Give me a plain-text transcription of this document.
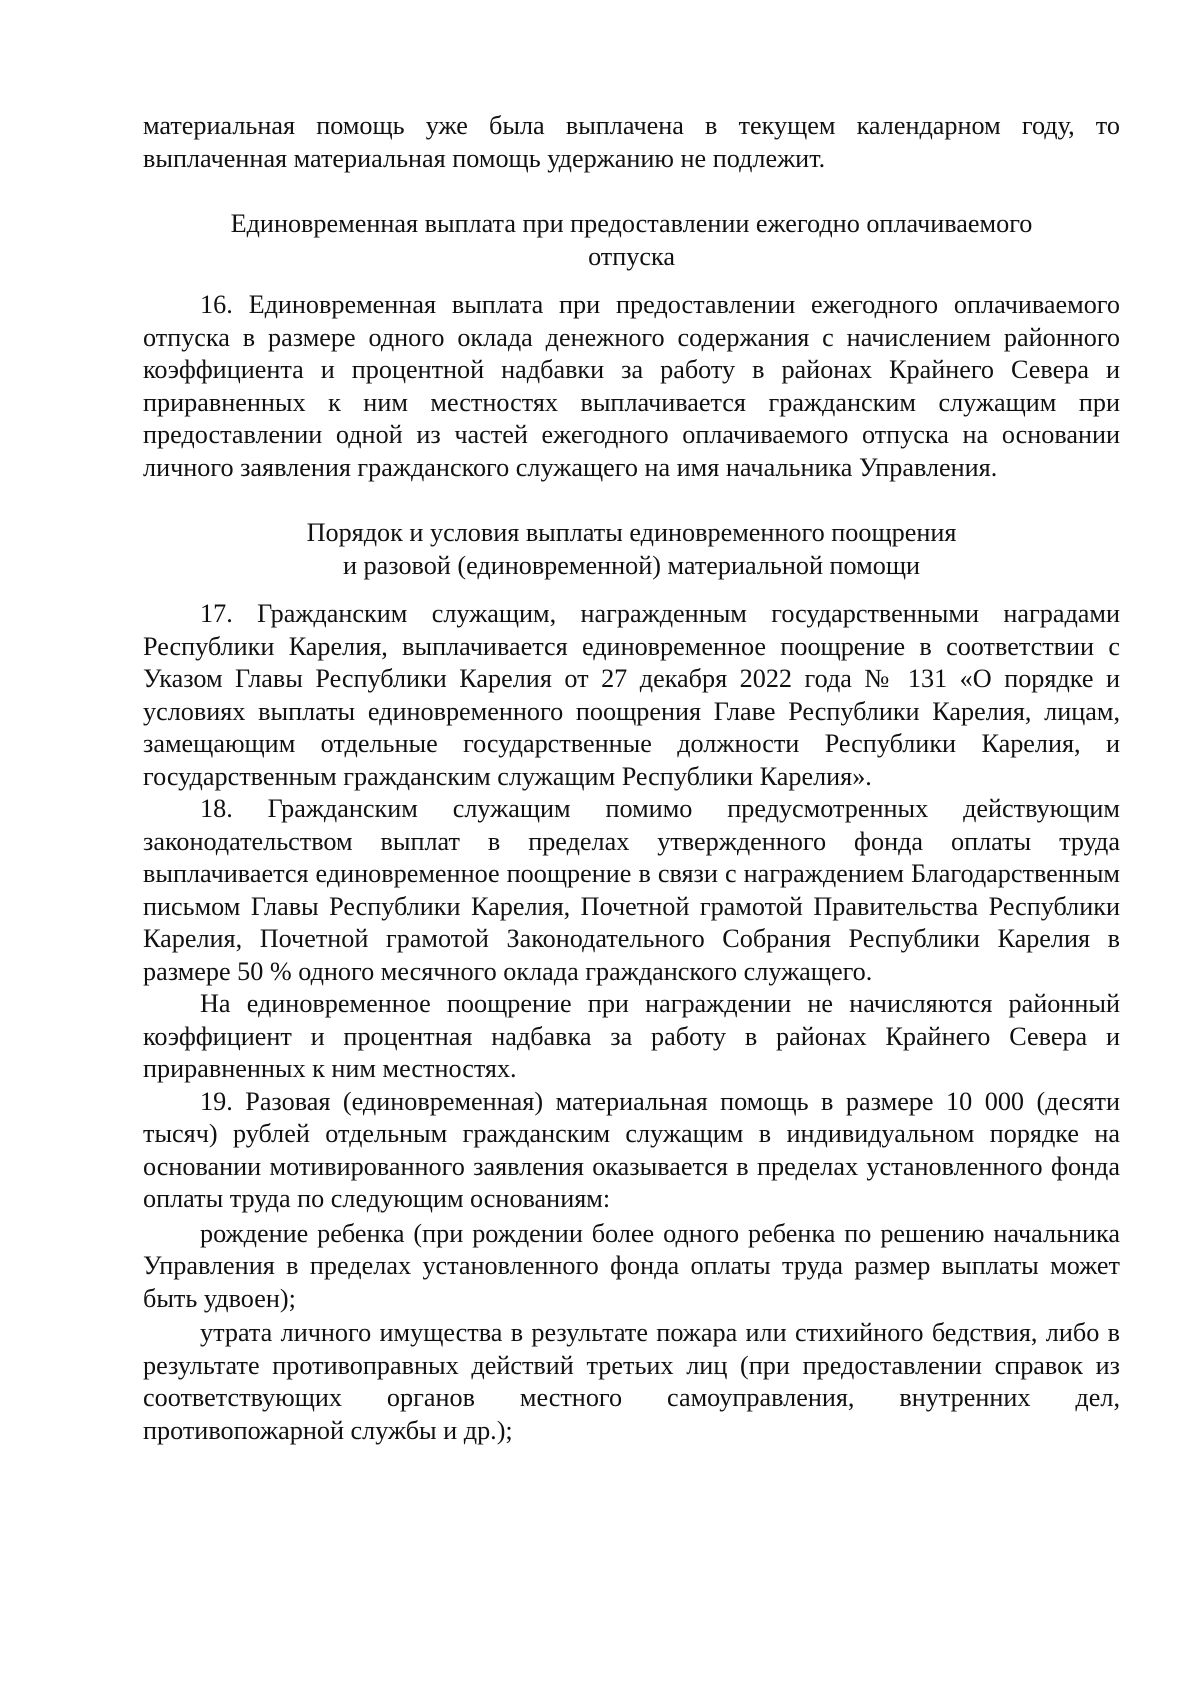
материальная помощь уже была выплачена в текущем календарном году, то выплаченная материальная помощь удержанию не подлежит.

Единовременная выплата при предоставлении ежегодно оплачиваемого
отпуска

16. Единовременная выплата при предоставлении ежегодного оплачиваемого отпуска в размере одного оклада денежного содержания с начислением районного коэффициента и процентной надбавки за работу в районах Крайнего Севера и приравненных к ним местностях выплачивается гражданским служащим при предоставлении одной из частей ежегодного оплачиваемого отпуска на основании личного заявления гражданского служащего на имя начальника Управления.

Порядок и условия выплаты единовременного поощрения
и разовой (единовременной) материальной помощи

17. Гражданским служащим, награжденным государственными наградами Республики Карелия, выплачивается единовременное поощрение в соответствии с Указом Главы Республики Карелия от 27 декабря 2022 года № 131 «О порядке и условиях выплаты единовременного поощрения Главе Республики Карелия, лицам, замещающим отдельные государственные должности Республики Карелия, и государственным гражданским служащим Республики Карелия».

18. Гражданским служащим помимо предусмотренных действующим законодательством выплат в пределах утвержденного фонда оплаты труда выплачивается единовременное поощрение в связи с награждением Благодарственным письмом Главы Республики Карелия, Почетной грамотой Правительства Республики Карелия, Почетной грамотой Законодательного Собрания Республики Карелия в размере 50 % одного месячного оклада гражданского служащего.

На единовременное поощрение при награждении не начисляются районный коэффициент и процентная надбавка за работу в районах Крайнего Севера и приравненных к ним местностях.

19. Разовая (единовременная) материальная помощь в размере 10 000 (десяти тысяч) рублей отдельным гражданским служащим в индивидуальном порядке на основании мотивированного заявления оказывается в пределах установленного фонда оплаты труда по следующим основаниям:

рождение ребенка (при рождении более одного ребенка по решению начальника Управления в пределах установленного фонда оплаты труда размер выплаты может быть удвоен);

утрата личного имущества в результате пожара или стихийного бедствия, либо в результате противоправных действий третьих лиц (при предоставлении справок из соответствующих органов местного самоуправления, внутренних дел, противопожарной службы и др.);
